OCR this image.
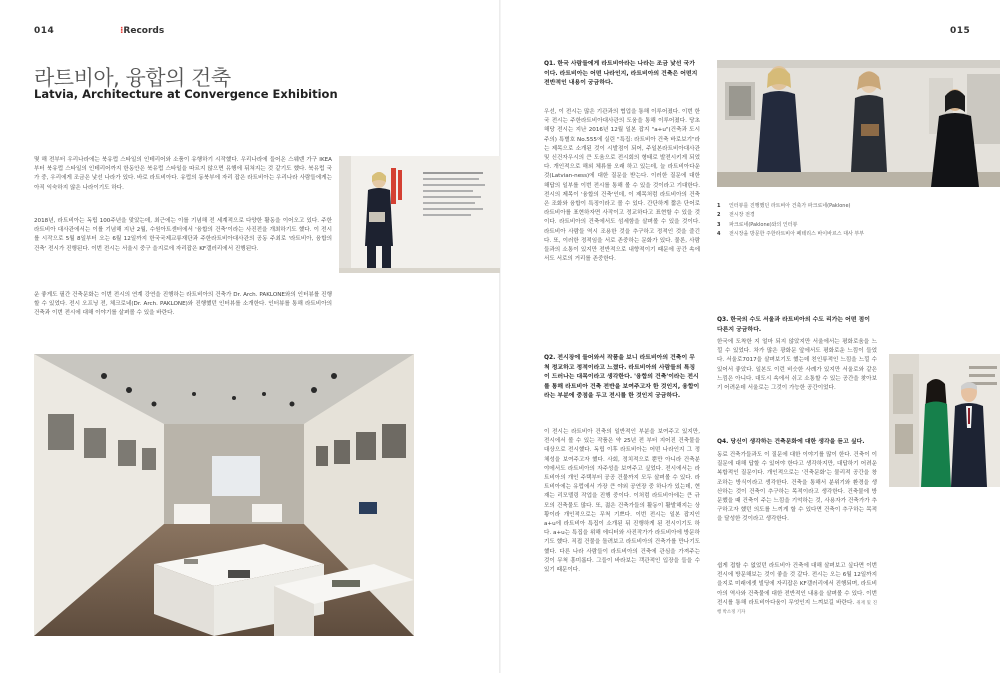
014	⁝Records
라트비아, 융합의 건축
Latvia, Architecture at Convergence Exhibition

몇 해 전부터 우리나라에는 북유럽 스타일의 인테리어와 소품이 유행하기 시작했다. 우리나라에 들어온 스웨덴 가구 IKEA부터 북유럽 스타일의 인테리어까지 한동안은 북유럽 스타일을 따르지 않으면 유행에 뒤쳐지는 것 같기도 했다. 북유럽 국가 중, 우리에게 조금은 낯선 나라가 있다. 바로 라트비아다. 유럽의 동북부에 자리 잡은 라트비아는 우리나라 사람들에게는 아직 익숙하지 않은 나라이기도 하다.

2018년, 라트비아는 독립 100주년을 맞았는데, 최근에는 이를 기념해 전 세계적으로 다양한 활동을 이어오고 있다. 주한라트비아 대사관에서는 이를 기념해 지난 2월, 수원아트센터에서 '융합의 건축'이라는 사진전을 개최하기도 했다. 이 전시를 시작으로 5월 8일부터 오는 6월 12일까지 한국국제교류재단과 주한라트비아대사관의 공동 주최로 '라트비아, 융합의 건축' 전시가 진행된다. 이번 전시는 서울시 중구 을지로에 자리잡은 KF갤러리에서 진행된다.

운 좋게도 필간 건축문화는 이번 전시의 연계 강연을 진행하는 라트비아의 건축가 Dr. Arch. PAKLONE와의 인터뷰를 진행할 수 있었다. 전시 오프닝 전, 체크로네(Dr. Arch. PAKLONE)와 진행했던 인터뷰를 소개한다. 인터뷰를 통해 라트비아의 건축과 이번 전시에 대해 이야기를 살펴볼 수 있을 바란다.

015

Q1. 한국 사람들에게 라트비아라는 나라는 조금 낯선 국가이다. 라트비아는 어떤 나라인지, 라트비아의 건축은 어떤지 전반적인 내용이 궁금하다.

우선, 이 전시는 많은 기관과의 협업을 통해 이루어졌다. 이번 한국 전시는 주한라트비아대사관의 도움을 통해 이루어졌다. 당초 해당 전시는 지난 2016년 12월 일본 잡지 "a+u"(건축과 도시주의) 특별호 No.555에 실린 "특집: 라트비아 건축 바로보기"라는 제목으로 소개된 것이 시발점이 되어, 주일본라트비아대사관 및 신건자우시의 큰 도움으로 전시회의 형태로 발전시키게 되었다. 개인적으로 해외 체류를 오래 하고 있는데, 늘 라트비아다운 것(Latvian-ness)에 대한 질문을 받는다. 이러한 질문에 대한 해답의 일부를 이번 전시를 통해 볼 수 있을 것이라고 기대한다. 전시의 제목이 '융합의 건축'인데, 이 제목처럼 라트비아의 건축은 조화와 융합이 특징이라고 볼 수 있다. 간단하게 짧은 단어로 라트비아를 표현하자면 사작이고 정교하다고 표현할 수 있을 것이다. 라트비아의 건축에서도 섬세함을 살펴볼 수 있을 것이다. 라트비아 사람들 역시 조용한 것을 추구하고 정적인 것을 즐긴다. 또, 이러한 정적임을 서로 존중하는 문화가 있다. 물론, 사람들과의 소통이 있지만 전반적으로 내향적이기 때문에 공간 속에서도 서로의 거리를 존중한다.

Q2. 전시장에 들어와서 작품을 보니 라트비아의 건축이 무척 정교하고 정적이라고 느꼈다. 라트비아의 사람들의 특징이 드러나는 대목이라고 생각한다. '융합의 건축'이라는 전시를 통해 라트비아 건축 전반을 보여주고자 한 것인지, 융합이라는 부분에 중점을 두고 전시를 한 것인지 궁금하다.

이 전시는 라트비아 건축의 일반적인 부분을 보여주고 있지만, 전시에서 볼 수 있는 작품은 약 25년 전 부터 지어진 건축물을 대상으로 전시했다. 독립 이후 라트비아는 어떤 나라인지 그 정체성을 보여주고자 했다. 사회, 정치적으로 뿐만 아니라 건축분야에서도 라트비아의 자주성을 보여주고 싶었다. 전시에서는 라트비아의 개인 주택부터 공공 건물까지 모두 살펴볼 수 있다. 라트비아에는 유럽에서 가장 큰 야외 공연장 중 하나가 있는데, 현재는 리모델링 작업을 진행 중이다. 이처럼 라트비아에는 큰 규모의 건축물도 많다. 또, 젊은 건축가들의 활동이 활발해지는 상황이라 개인적으로는 무척 기쁘다. 이번 전시는 일본 잡지인 a+u에 라트비아 특집이 소개된 뒤 진행하게 된 전시이기도 하다. a+u는 특집을 위해 에디터와 사진작가가 라트비아에 방문하기도 했다. 직접 건물을 돌려보고 라트비아의 건축가를 만나기도 했다. 다른 나라 사람들이 라트비아의 건축에 관심을 가져주는 것이 무척 흥미롭다. 그들이 바라보는 객관적인 입장을 들을 수 있기 때문이다.

1 인터뷰를 진행했던 라트비아 건축가 파크로네(Paklone)
2 전시장 전경
3 파크로네(Paklone)와의 인터뷰
4 전시장을 방문한 주한라트비아 페테리스 바이바르스 대사 부부

Q3. 한국의 수도 서울과 라트비아의 수도 리가는 어떤 점이 다른지 궁금하다.

한국에 도착한 지 얼마 되지 않았지만 서울에서는 평화로움을 느낄 수 있었다. 차가 많은 광화문 앞에서도 평화로운 느낌이 들었다. 서울로7017을 살펴보기도 했는데 친인류적인 느낌을 느낄 수 있어서 좋았다. 일본도 이런 비슷한 사례가 있지만 서울로와 같은 느낌은 아니다. 대도시 속에서 쉬고 소통할 수 있는 공간을 찾아보기 어려운데 서울로는 그것이 가능한 공간이었다.

Q4. 당신이 생각하는 건축문화에 대한 생각을 듣고 싶다.

동료 건축가들과도 이 질문에 대한 이야기를 많이 한다. 건축이 이 질문에 대해 답할 수 있어야 한다고 생각하지만, 대답하기 어려운 복합적인 질문이다. 개인적으로는 '건축문화'는 물리적 공간을 창조하는 방식이라고 생각한다. 건축을 통해서 분위기와 환경을 생산하는 것이 건축이 추구하는 목적이라고 생각한다. 건축물에 방문했을 때 건축이 주는 느낌을 기억하는 것, 사용자가 건축가가 추구하고자 했던 의도를 느끼게 할 수 있다면 건축이 추구하는 목적을 달성한 것이라고 생각한다.

쉽게 접할 수 없었던 라트비아 건축에 대해 살펴보고 싶다면 이번 전시에 방문해보는 것이 좋을 것 같다. 전시는 오는 6월 12일까지 을지로 미래에셋 빌딩에 자리잡은 KF갤러리에서 진행되며, 라트비아의 역사와 건축물에 대한 전반적인 내용을 살펴볼 수 있다. 이번 전시를 통해 라트비아다움이 무엇인지 느껴보길 바란다. 취재 및 진행 박소정 기자
